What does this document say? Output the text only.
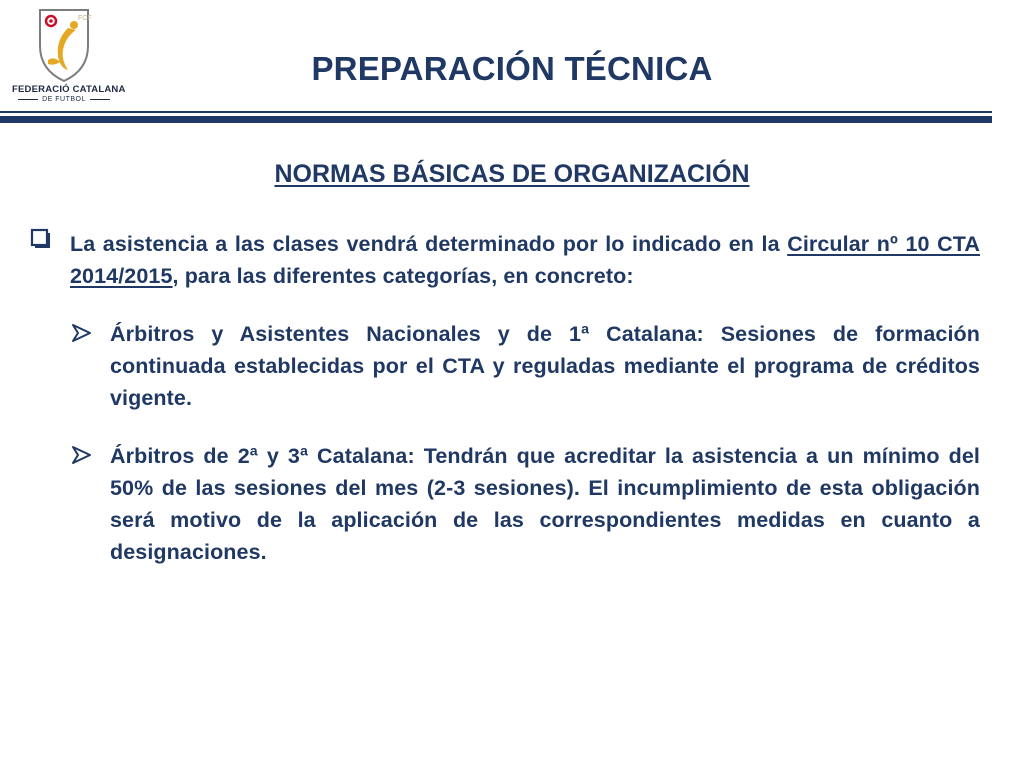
FCF
FEDERACIÓ CATALANA
DE FUTBOL
PREPARACIÓN TÉCNICA
NORMAS BÁSICAS DE ORGANIZACIÓN
La asistencia a las clases vendrá determinado por lo indicado en la Circular nº 10 CTA 2014/2015, para las diferentes categorías, en concreto:
Árbitros y Asistentes Nacionales y de 1ª Catalana: Sesiones de formación continuada establecidas por el CTA y reguladas mediante el programa de créditos vigente.
Árbitros de 2ª y 3ª Catalana: Tendrán que acreditar la asistencia a un mínimo del 50% de las sesiones del mes (2-3 sesiones). El incumplimiento de esta obligación será motivo de la aplicación de las correspondientes medidas en cuanto a designaciones.
